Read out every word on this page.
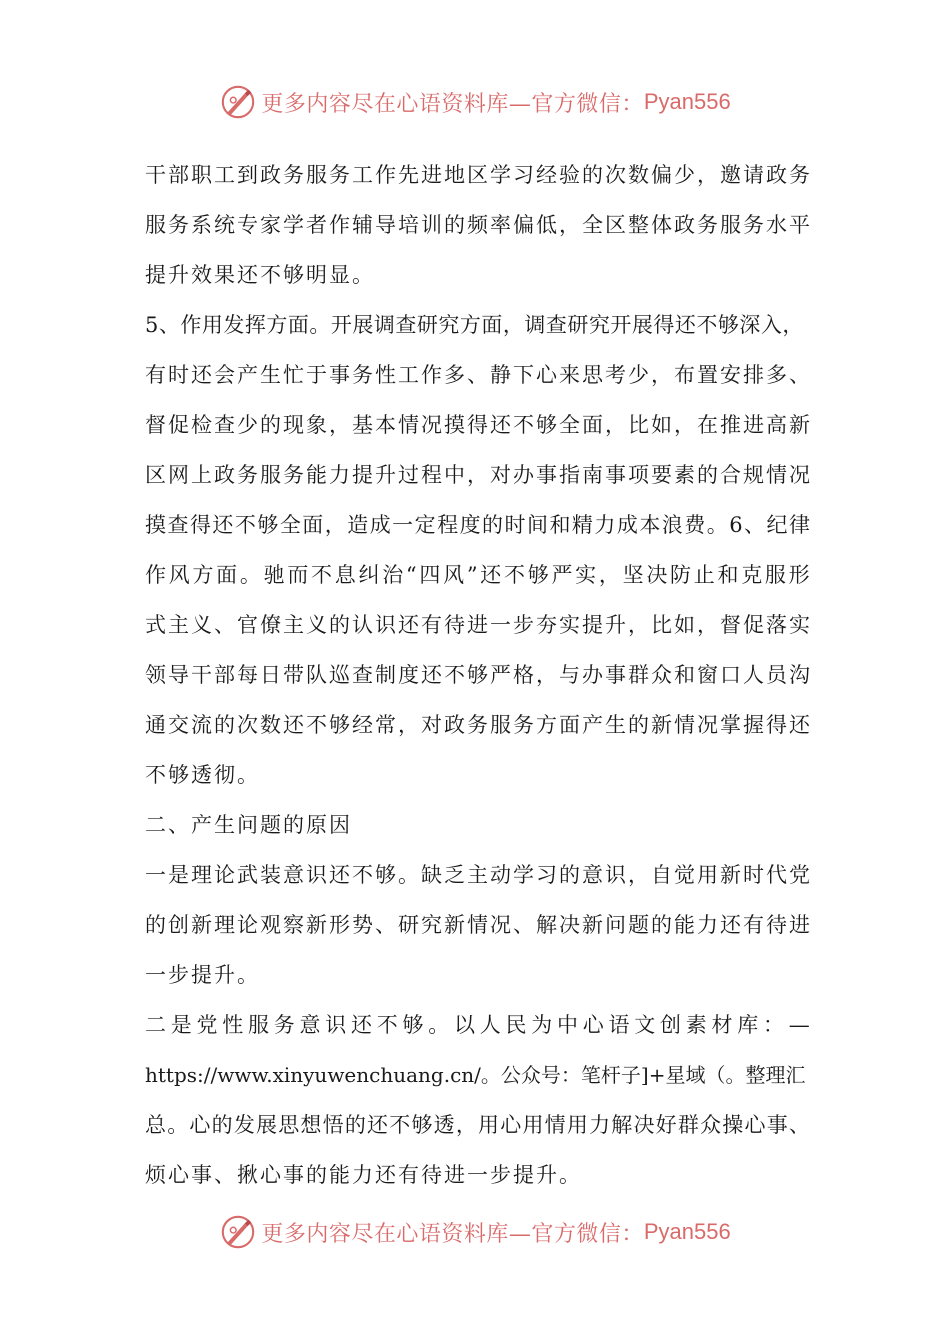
更多内容尽在心语资料库—官方微信： Pyan556
干 部 职 工 到 政 务 服 务 工 作 先 进 地 区 学 习 经 验 的 次 数 偏 少 ， 邀 请 政 务
服 务 系 统 专 家 学 者 作 辅 导 培 训 的 频 率 偏 低 ， 全 区 整 体 政 务 服 务 水 平
提升效果还不够明显。
5、作用发挥方面。开展调查研究方面，调查研究开展得还不够深入，
有 时 还 会 产 生 忙 于 事 务 性 工 作 多 、 静 下 心 来 思 考 少 ， 布 置 安 排 多 、
督 促 检 查 少 的 现 象 ， 基 本 情 况 摸 得 还 不 够 全 面 ， 比 如 ， 在 推 进 高 新
区 网 上 政 务 服 务 能 力 提 升 过 程 中 ， 对 办 事 指 南 事 项 要 素 的 合 规 情 况
摸 查 得 还 不 够 全 面 ， 造 成 一 定 程 度 的 时 间 和 精 力 成 本 浪 费 。 6 、 纪 律
作 风 方 面 。 驰 而 不 息 纠 治 “ 四 风 ” 还 不 够 严 实 ， 坚 决 防 止 和 克 服 形
式 主 义 、 官 僚 主 义 的 认 识 还 有 待 进 一 步 夯 实 提 升 ， 比 如 ， 督 促 落 实
领 导 干 部 每 日 带 队 巡 查 制 度 还 不 够 严 格 ， 与 办 事 群 众 和 窗 口 人 员 沟
通 交 流 的 次 数 还 不 够 经 常 ， 对 政 务 服 务 方 面 产 生 的 新 情 况 掌 握 得 还
不够透彻。
二、产生问题的原因
一 是 理 论 武 装 意 识 还 不 够 。 缺 乏 主 动 学 习 的 意 识 ， 自 觉 用 新 时 代 党
的 创 新 理 论 观 察 新 形 势 、 研 究 新 情 况 、 解 决 新 问 题 的 能 力 还 有 待 进
一步提升。
二 是 党 性 服 务 意 识 还 不 够 。 以 人 民 为 中 心 语 文 创 素 材 库 ： —
https://www.xinyuwenchuang.cn/。公众号：笔杆子]+星域（。整理汇
总 。 心 的 发 展 思 想 悟 的 还 不 够 透 ， 用 心 用 情 用 力 解 决 好 群 众 操 心 事 、
烦心事、揪心事的能力还有待进一步提升。
更多内容尽在心语资料库—官方微信： Pyan556
